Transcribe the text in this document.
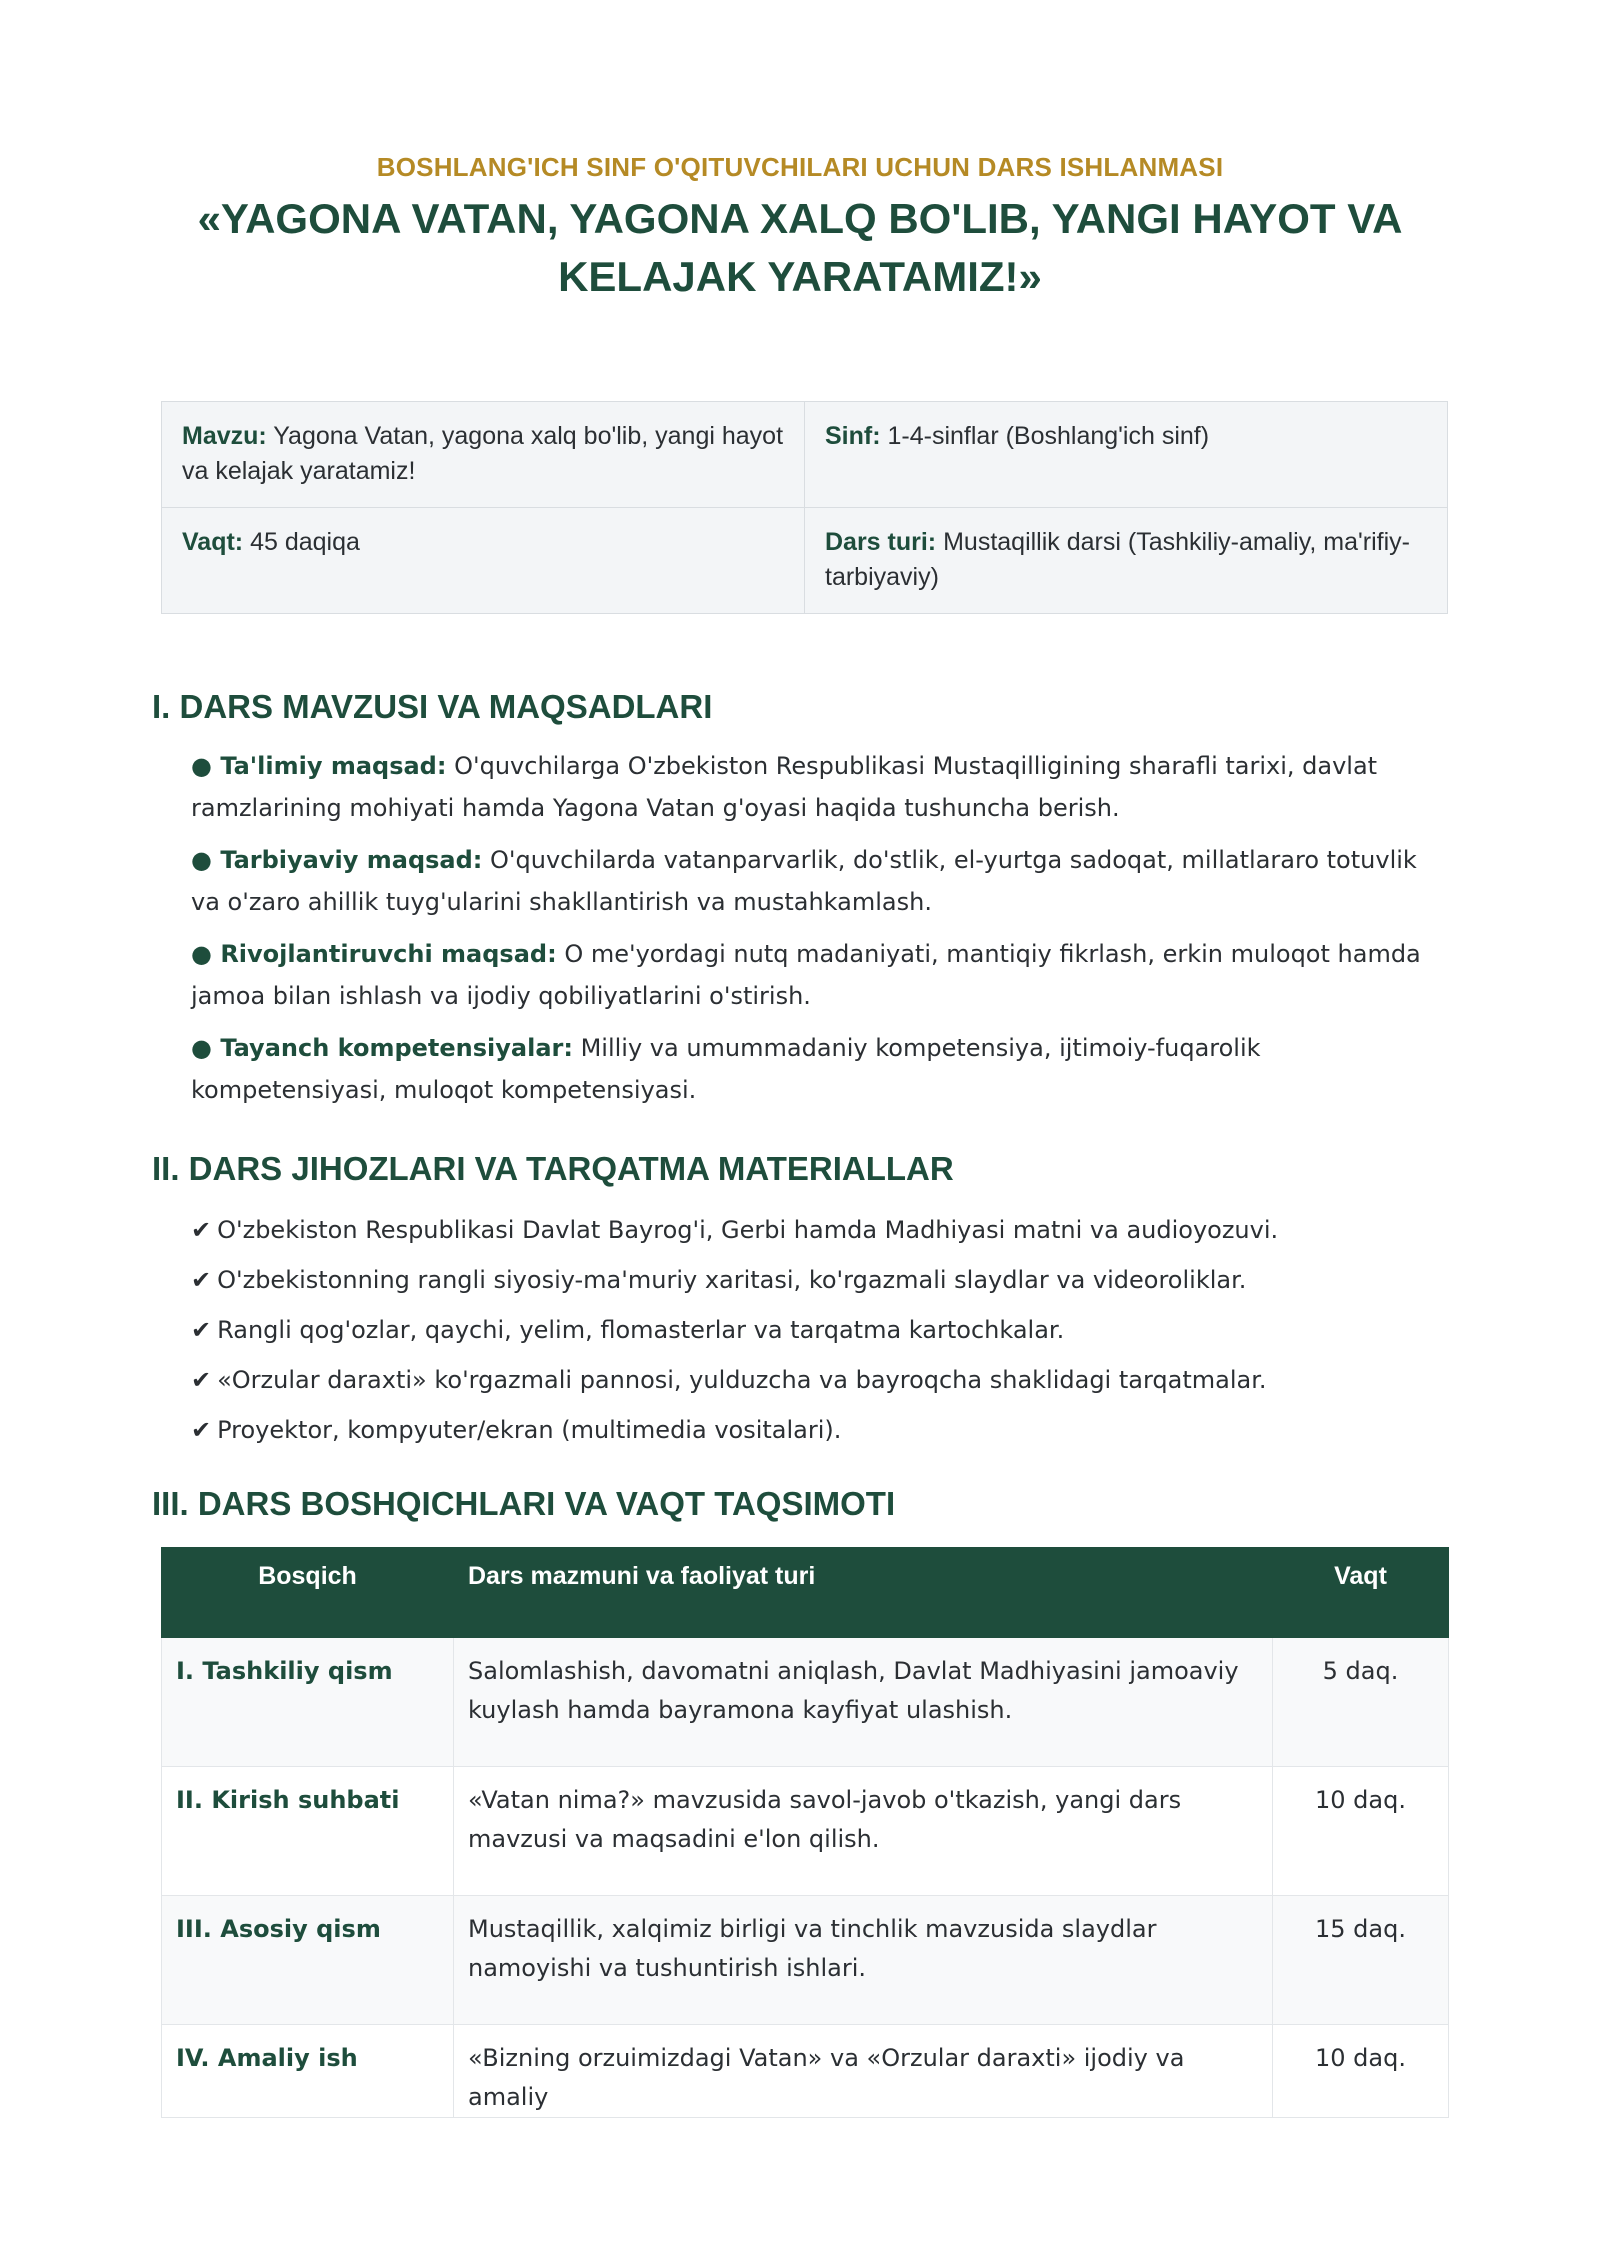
BOSHLANG'ICH SINF O'QITUVCHILARI UCHUN DARS ISHLANMASI
«YAGONA VATAN, YAGONA XALQ BO'LIB, YANGI HAYOT VA KELAJAK YARATAMIZ!»
Mavzu: Yagona Vatan, yagona xalq bo'lib, yangi hayot va kelajak yaratamiz!	Sinf: 1-4-sinflar (Boshlang'ich sinf)
Vaqt: 45 daqiqa	Dars turi: Mustaqillik darsi (Tashkiliy-amaliy, ma'rifiy-tarbiyaviy)
I. DARS MAVZUSI VA MAQSADLARI
● Ta'limiy maqsad: O'quvchilarga O'zbekiston Respublikasi Mustaqilligining sharafli tarixi, davlat ramzlarining mohiyati hamda Yagona Vatan g'oyasi haqida tushuncha berish.
● Tarbiyaviy maqsad: O'quvchilarda vatanparvarlik, do'stlik, el-yurtga sadoqat, millatlararo totuvlik va o'zaro ahillik tuyg'ularini shakllantirish va mustahkamlash.
● Rivojlantiruvchi maqsad: O me'yordagi nutq madaniyati, mantiqiy fikrlash, erkin muloqot hamda jamoa bilan ishlash va ijodiy qobiliyatlarini o'stirish.
● Tayanch kompetensiyalar: Milliy va umummadaniy kompetensiya, ijtimoiy-fuqarolik kompetensiyasi, muloqot kompetensiyasi.
II. DARS JIHOZLARI VA TARQATMA MATERIALLAR
✔ O'zbekiston Respublikasi Davlat Bayrog'i, Gerbi hamda Madhiyasi matni va audioyozuvi.
✔ O'zbekistonning rangli siyosiy-ma'muriy xaritasi, ko'rgazmali slaydlar va videoroliklar.
✔ Rangli qog'ozlar, qaychi, yelim, flomasterlar va tarqatma kartochkalar.
✔ «Orzular daraxti» ko'rgazmali pannosi, yulduzcha va bayroqcha shaklidagi tarqatmalar.
✔ Proyektor, kompyuter/ekran (multimedia vositalari).
III. DARS BOSHQICHLARI VA VAQT TAQSIMOTI
Bosqich	Dars mazmuni va faoliyat turi	Vaqt
I. Tashkiliy qism	Salomlashish, davomatni aniqlash, Davlat Madhiyasini jamoaviy kuylash hamda bayramona kayfiyat ulashish.	5 daq.
II. Kirish suhbati	«Vatan nima?» mavzusida savol-javob o'tkazish, yangi dars mavzusi va maqsadini e'lon qilish.	10 daq.
III. Asosiy qism	Mustaqillik, xalqimiz birligi va tinchlik mavzusida slaydlar namoyishi va tushuntirish ishlari.	15 daq.
IV. Amaliy ish	«Bizning orzuimizdagi Vatan» va «Orzular daraxti» ijodiy va amaliy	10 daq.
